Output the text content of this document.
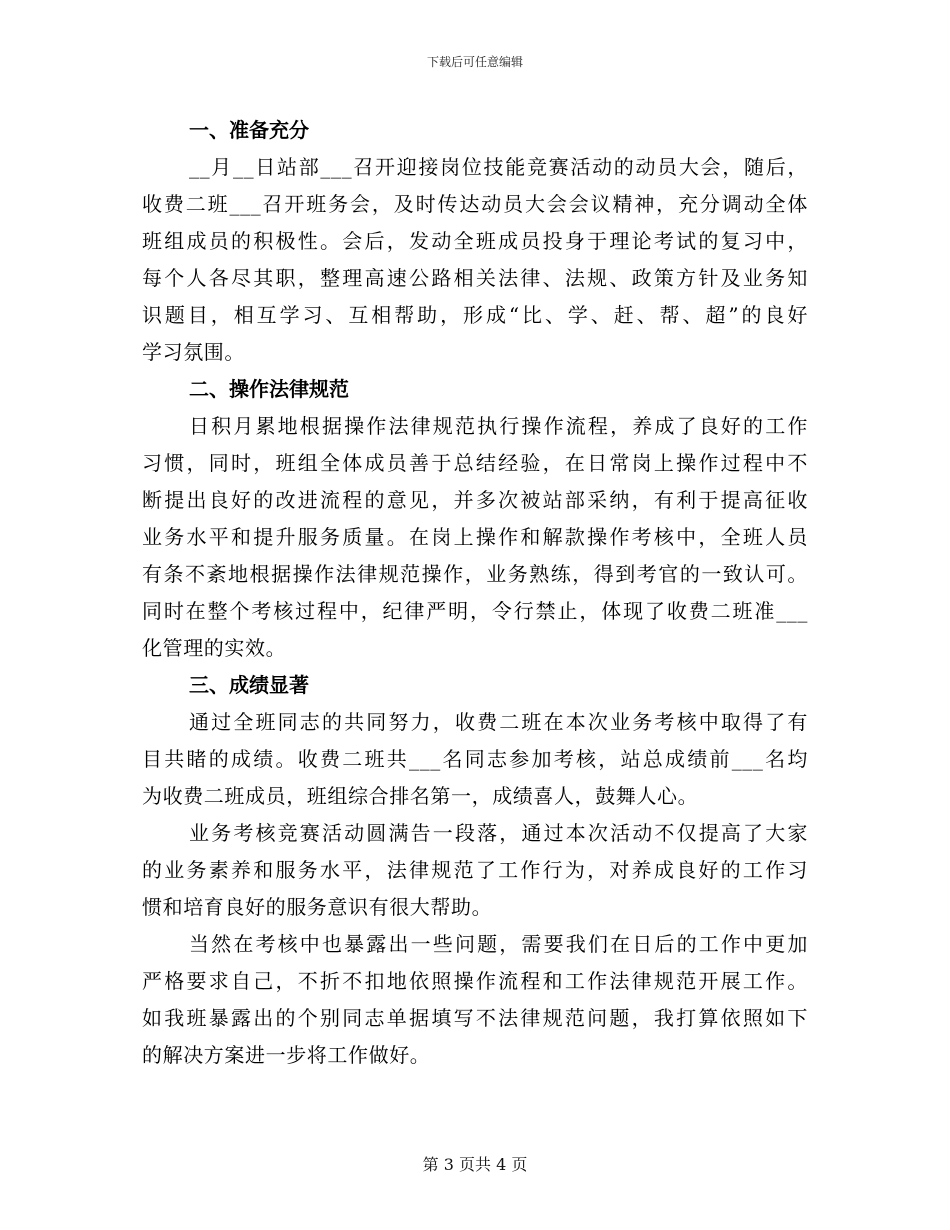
下载后可任意编辑
一、准备充分
__月__日站部___召开迎接岗位技能竞赛活动的动员大会，随后，
收费二班___召开班务会，及时传达动员大会会议精神，充分调动全体
班组成员的积极性。会后，发动全班成员投身于理论考试的复习中，
每个人各尽其职，整理高速公路相关法律、法规、政策方针及业务知
识题目，相互学习、互相帮助，形成“比、学、赶、帮、超”的良好
学习氛围。
二、操作法律规范
日积月累地根据操作法律规范执行操作流程，养成了良好的工作
习惯，同时，班组全体成员善于总结经验，在日常岗上操作过程中不
断提出良好的改进流程的意见，并多次被站部采纳，有利于提高征收
业务水平和提升服务质量。在岗上操作和解款操作考核中，全班人员
有条不紊地根据操作法律规范操作，业务熟练，得到考官的一致认可。
同时在整个考核过程中，纪律严明，令行禁止，体现了收费二班准___
化管理的实效。
三、成绩显著
通过全班同志的共同努力，收费二班在本次业务考核中取得了有
目共睹的成绩。收费二班共___名同志参加考核，站总成绩前___名均
为收费二班成员，班组综合排名第一，成绩喜人，鼓舞人心。
业务考核竞赛活动圆满告一段落，通过本次活动不仅提高了大家
的业务素养和服务水平，法律规范了工作行为，对养成良好的工作习
惯和培育良好的服务意识有很大帮助。
当然在考核中也暴露出一些问题，需要我们在日后的工作中更加
严格要求自己，不折不扣地依照操作流程和工作法律规范开展工作。
如我班暴露出的个别同志单据填写不法律规范问题，我打算依照如下
的解决方案进一步将工作做好。
第 3 页共 4 页
